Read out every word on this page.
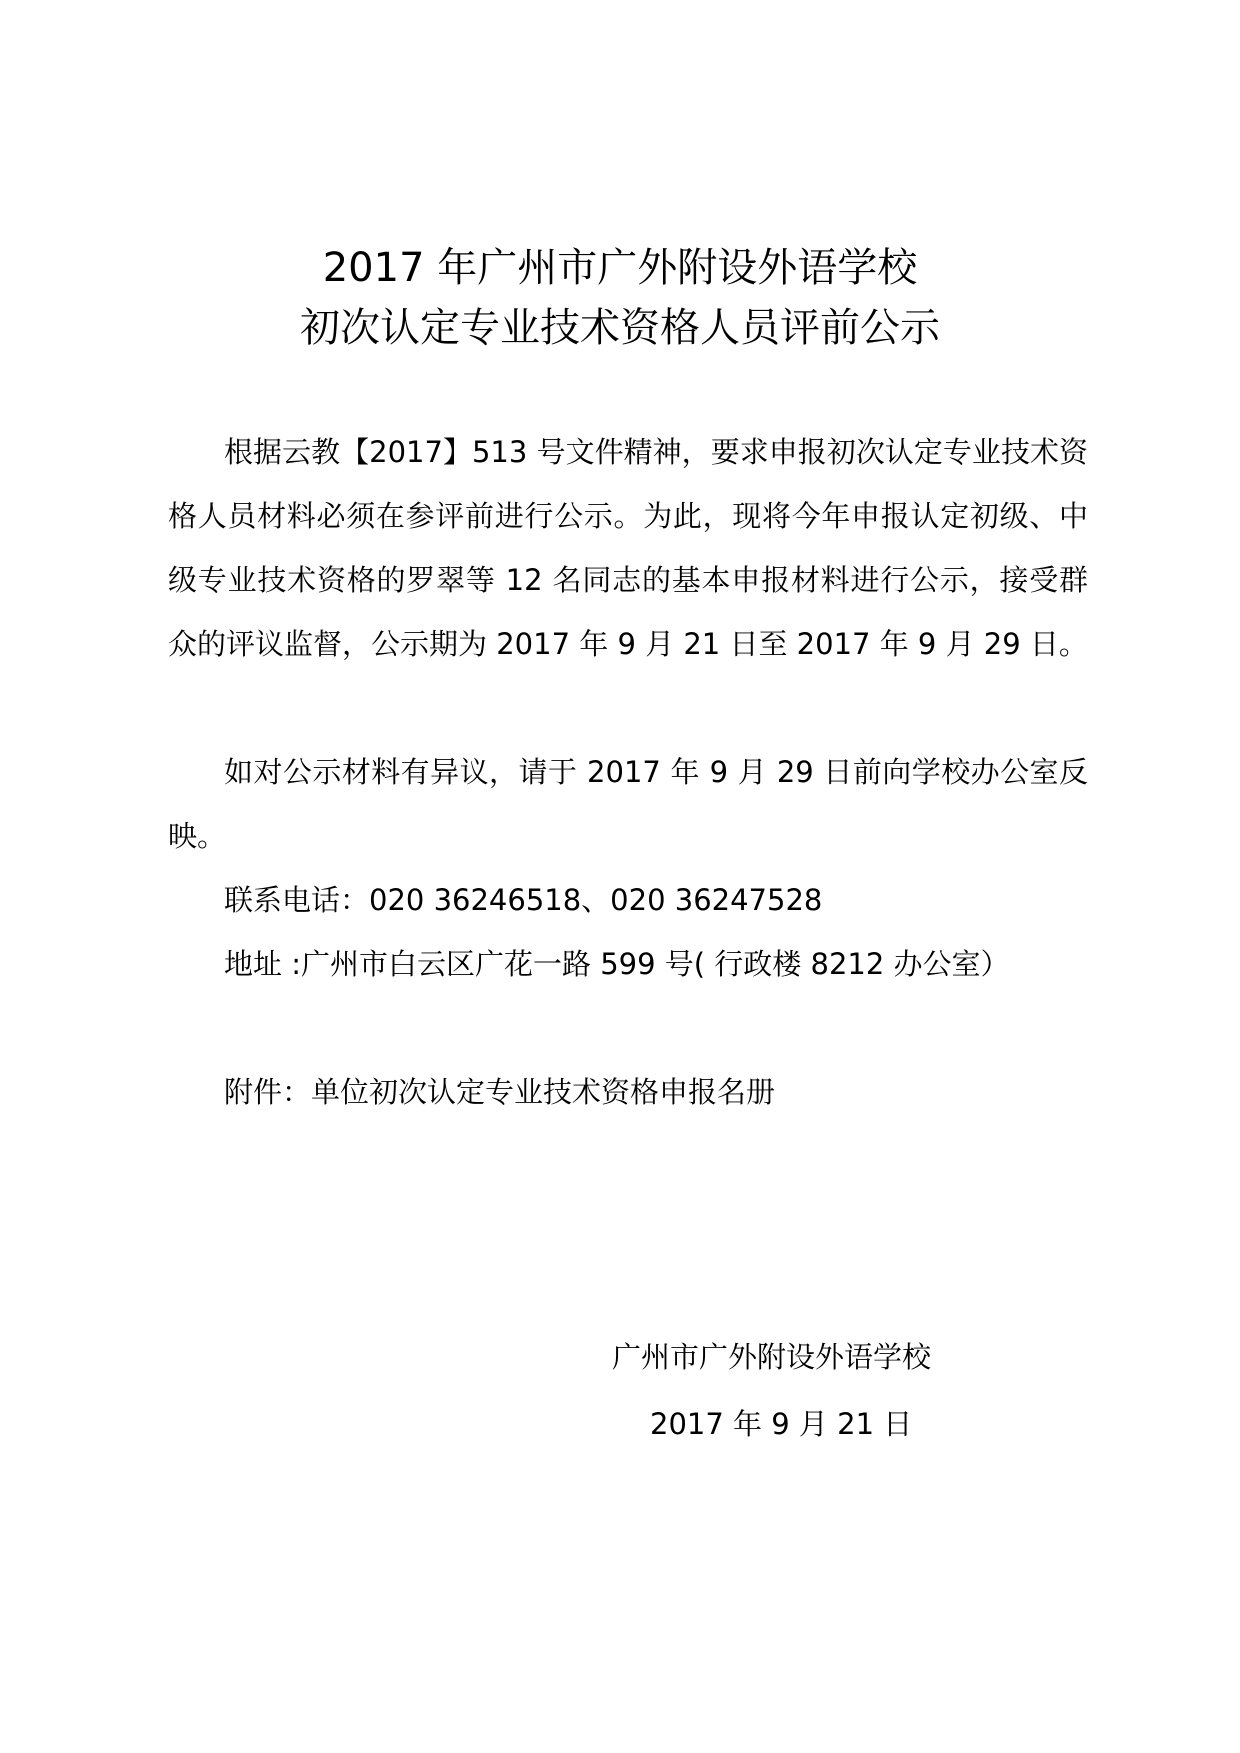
2017 年广州市广外附设外语学校
初次认定专业技术资格人员评前公示
根据云教【2017】513 号文件精神，要求申报初次认定专业技术资格人员材料必须在参评前进行公示。为此，现将今年申报认定初级、中级专业技术资格的罗翠等 12 名同志的基本申报材料进行公示，接受群众的评议监督，公示期为 2017 年 9 月 21 日至 2017 年 9 月 29 日。
如对公示材料有异议，请于 2017 年 9 月 29 日前向学校办公室反映。
联系电话：020 36246518、020 36247528
地址 :广州市白云区广花一路 599 号( 行政楼 8212 办公室）
附件：单位初次认定专业技术资格申报名册
广州市广外附设外语学校
2017 年 9 月 21 日
